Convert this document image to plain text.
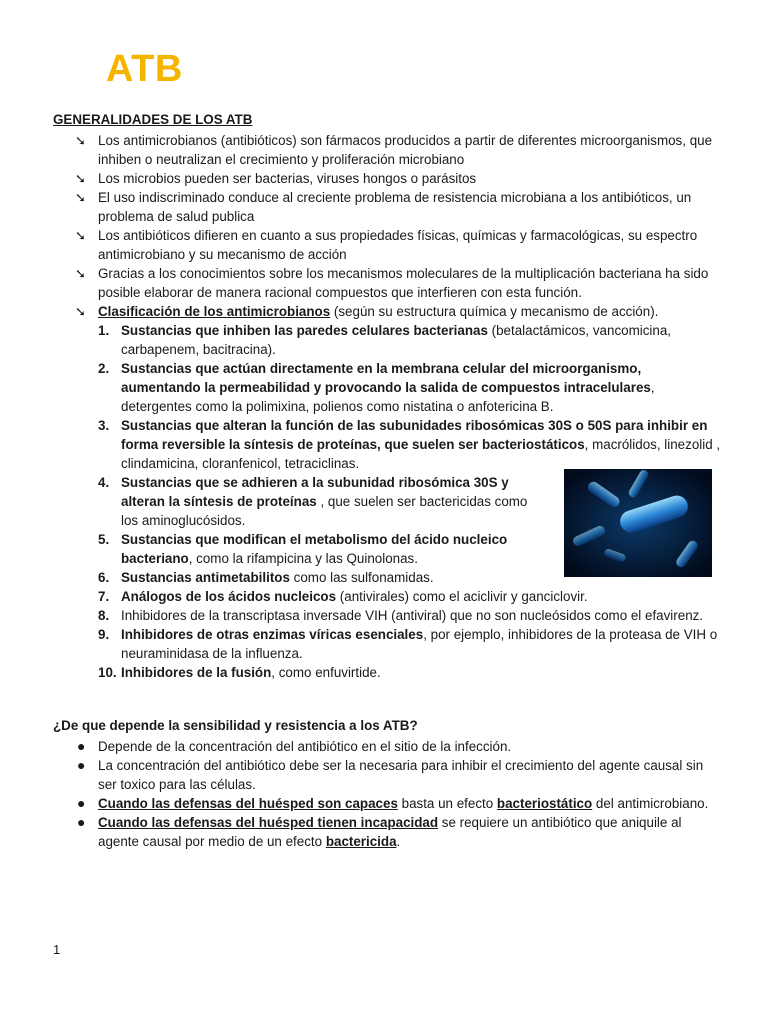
ATB
GENERALIDADES DE LOS ATB
➘ Los antimicrobianos (antibióticos) son fármacos producidos a partir de diferentes microorganismos, que inhiben o neutralizan el crecimiento y proliferación microbiano
➘ Los microbios pueden ser bacterias, viruses hongos o parásitos
➘ El uso indiscriminado conduce al creciente problema de resistencia microbiana a los antibióticos, un problema de salud publica
➘ Los antibióticos difieren en cuanto a sus propiedades físicas, químicas y farmacológicas, su espectro antimicrobiano y su mecanismo de acción
➘ Gracias a los conocimientos sobre los mecanismos moleculares de la multiplicación bacteriana ha sido posible elaborar de manera racional compuestos que interfieren con esta función.
➘ Clasificación de los antimicrobianos (según su estructura química y mecanismo de acción).
1. Sustancias que inhiben las paredes celulares bacterianas (betalactámicos, vancomicina, carbapenem, bacitracina).
2. Sustancias que actúan directamente en la membrana celular del microorganismo, aumentando la permeabilidad y provocando la salida de compuestos intracelulares, detergentes como la polimixina, polienos como nistatina o anfotericina B.
3. Sustancias que alteran la función de las subunidades ribosómicas 30S o 50S para inhibir en forma reversible la síntesis de proteínas, que suelen ser bacteriostáticos, macrólidos, linezolid , clindamicina, cloranfenicol, tetraciclinas.
4. Sustancias que se adhieren a la subunidad ribosómica 30S y alteran la síntesis de proteínas , que suelen ser bactericidas como los aminoglucósidos.
5. Sustancias que modifican el metabolismo del ácido nucleico bacteriano, como la rifampicina y las Quinolonas.
6. Sustancias antimetabilitos como las sulfonamidas.
7. Análogos de los ácidos nucleicos (antivirales) como el aciclivir y ganciclovir.
8. Inhibidores de la transcriptasa inversade VIH (antiviral) que no son nucleósidos como el efavirenz.
9. Inhibidores de otras enzimas víricas esenciales, por ejemplo, inhibidores de la proteasa de VIH o neuraminidasa de la influenza.
10. Inhibidores de la fusión, como enfuvirtide.
¿De que depende la sensibilidad y resistencia a los ATB?
● Depende de la concentración del antibiótico en el sitio de la infección.
● La concentración del antibiótico debe ser la necesaria para inhibir el crecimiento del agente causal sin ser toxico para las células.
● Cuando las defensas del huésped son capaces basta un efecto bacteriostático del antimicrobiano.
● Cuando las defensas del huésped tienen incapacidad se requiere un antibiótico que aniquile al agente causal por medio de un efecto bactericida.
1
